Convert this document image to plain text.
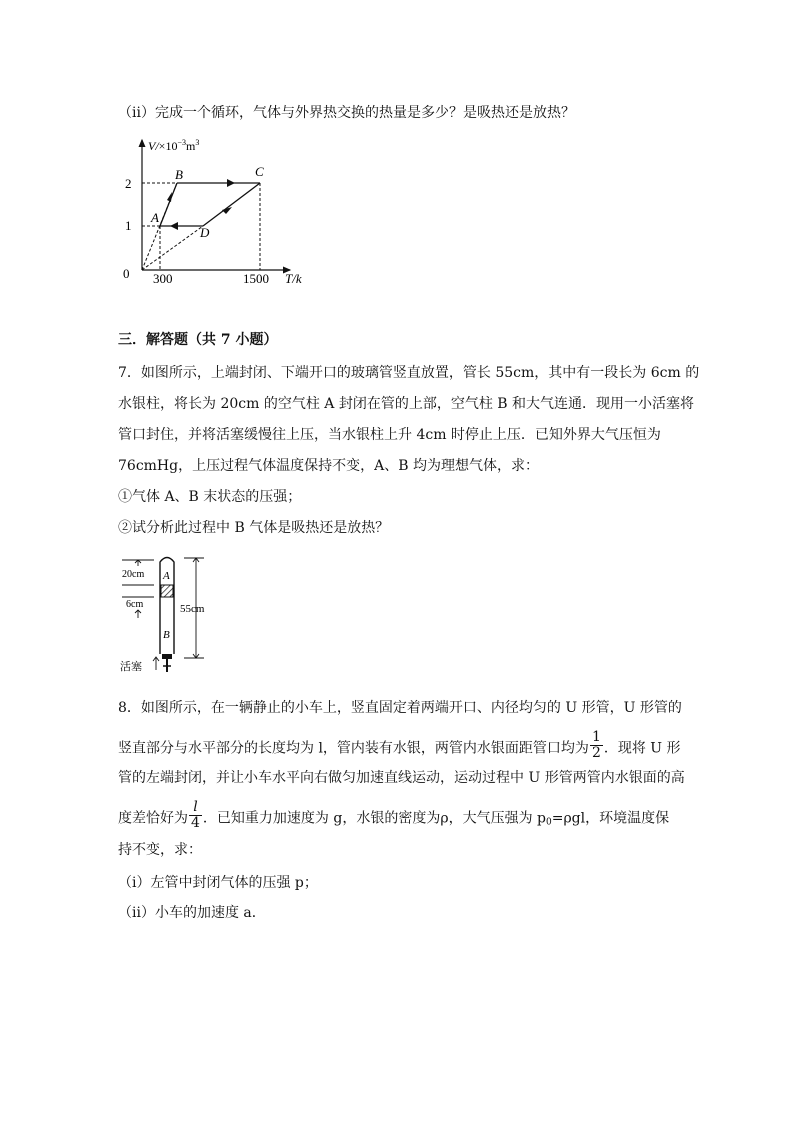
（ii）完成一个循环，气体与外界热交换的热量是多少？是吸热还是放热？
$V/\times 10^{-3}m^3$
T/k
0
1
2
300	1500
A
B	C
D
三．解答题（共 7 小题）
7．如图所示，上端封闭、下端开口的玻璃管竖直放置，管长 55cm，其中有一段长为 6cm 的
水银柱，将长为 20cm 的空气柱 A 封闭在管的上部，空气柱 B 和大气连通．现用一小活塞将
管口封住，并将活塞缓慢往上压，当水银柱上升 4cm 时停止上压．已知外界大气压恒为
76cmHg，上压过程气体温度保持不变，A、B 均为理想气体，求：
①气体 A、B 末状态的压强；
②试分析此过程中 B 气体是吸热还是放热？
A
B
20cm
6cm	55cm
活塞
8．如图所示，在一辆静止的小车上，竖直固定着两端开口、内径均匀的 U 形管，U 形管的
竖直部分与水平部分的长度均为 l，管内装有水银，两管内水银面距管口均为 $\frac{1}{2}$ ．现将 U 形
管的左端封闭，并让小车水平向右做匀加速直线运动，运动过程中 U 形管两管内水银面的高
度差恰好为 $\frac{l}{4}$ ．已知重力加速度为 g，水银的密度为ρ，大气压强为 $p_0=\rho gl$，环境温度保
持不变，求：
（i）左管中封闭气体的压强 p；
（ii）小车的加速度 a．
